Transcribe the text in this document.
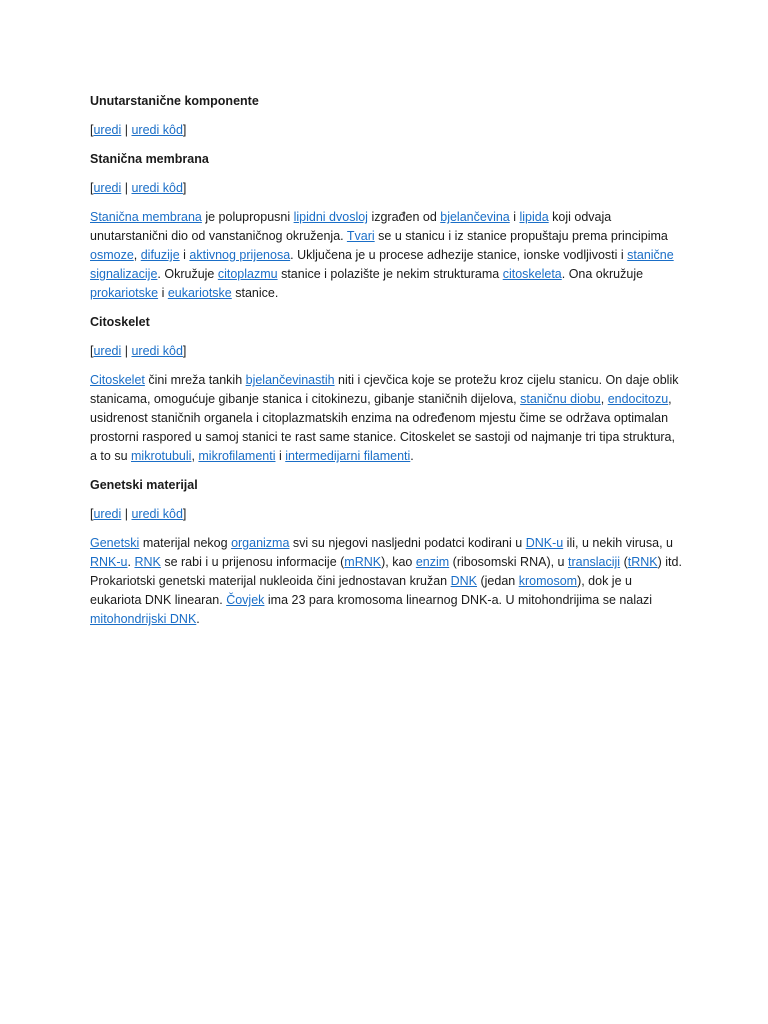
Unutarstanične komponente
[uredi | uredi kôd]
Stanična membrana
[uredi | uredi kôd]

Stanična membrana je polupropusni lipidni dvosloj izgrađen od bjelančevina i lipida koji odvaja unutarstanični dio od vanstaničnog okruženja. Tvari se u stanicu i iz stanice propuštaju prema principima osmoze, difuzije i aktivnog prijenosa. Uključena je u procese adhezije stanice, ionske vodljivosti i stanične signalizacije. Okružuje citoplazmu stanice i polazište je nekim strukturama citoskeleta. Ona okružuje prokariotske i eukariotske stanice.

Citoskelet
[uredi | uredi kôd]

Citoskelet čini mreža tankih bjelančevinastih niti i cjevčica koje se protežu kroz cijelu stanicu. On daje oblik stanicama, omogućuje gibanje stanica i citokinezu, gibanje staničnih dijelova, staničnu diobu, endocitozu, usidrenost staničnih organela i citoplazmatskih enzima na određenom mjestu čime se održava optimalan prostorni raspored u samoj stanici te rast same stanice. Citoskelet se sastoji od najmanje tri tipa struktura, a to su mikrotubuli, mikrofilamenti i intermedijarni filamenti.

Genetski materijal
[uredi | uredi kôd]

Genetski materijal nekog organizma svi su njegovi nasljedni podatci kodirani u DNK-u ili, u nekih virusa, u RNK-u. RNK se rabi i u prijenosu informacije (mRNK), kao enzim (ribosomski RNA), u translaciji (tRNK) itd. Prokariotski genetski materijal nukleoida čini jednostavan kružan DNK (jedan kromosom), dok je u eukariota DNK linearan. Čovjek ima 23 para kromosoma linearnog DNK-a. U mitohondrijima se nalazi mitohondrijski DNK.
